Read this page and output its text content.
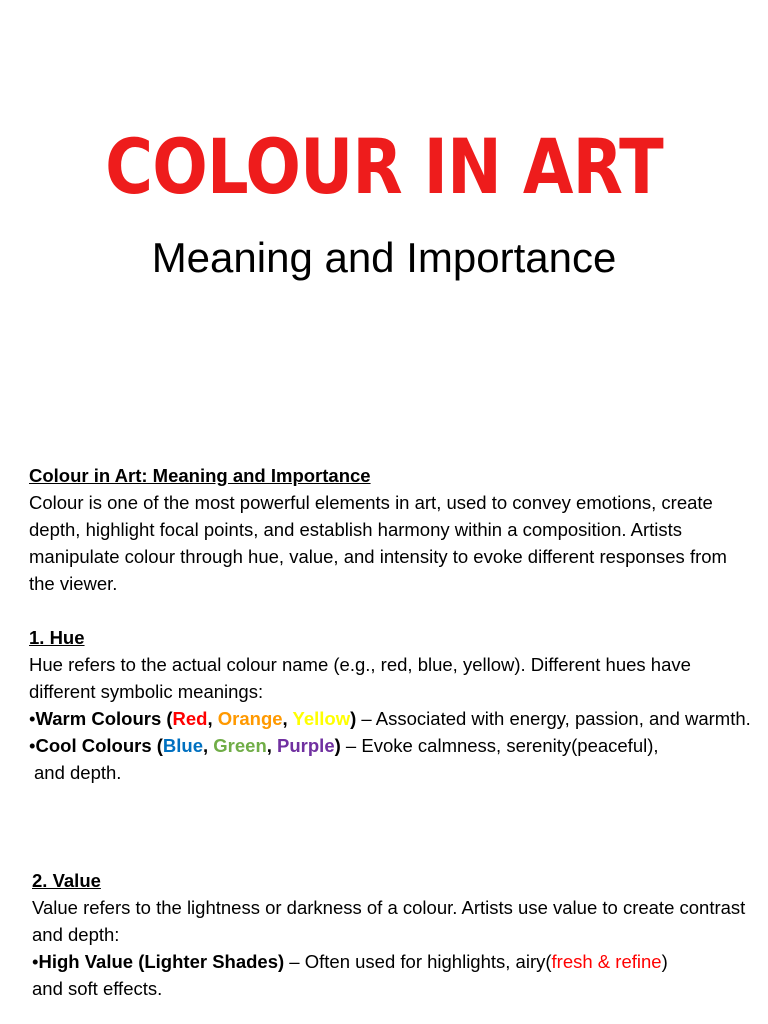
COLOUR IN ART
Meaning and Importance

Colour in Art: Meaning and Importance

Colour is one of the most powerful elements in art, used to convey emotions, create depth, highlight focal points, and establish harmony within a composition. Artists manipulate colour through hue, value, and intensity to evoke different responses from the viewer.

1. Hue

Hue refers to the actual colour name (e.g., red, blue, yellow). Different hues have different symbolic meanings:

•Warm Colours (Red, Orange, Yellow) – Associated with energy, passion, and warmth.

•Cool Colours (Blue, Green, Purple) – Evoke calmness, serenity(peaceful),

and depth.

2. Value

Value refers to the lightness or darkness of a colour. Artists use value to create contrast and depth:

•High Value (Lighter Shades) – Often used for highlights, airy(fresh & refine)

and soft effects.
